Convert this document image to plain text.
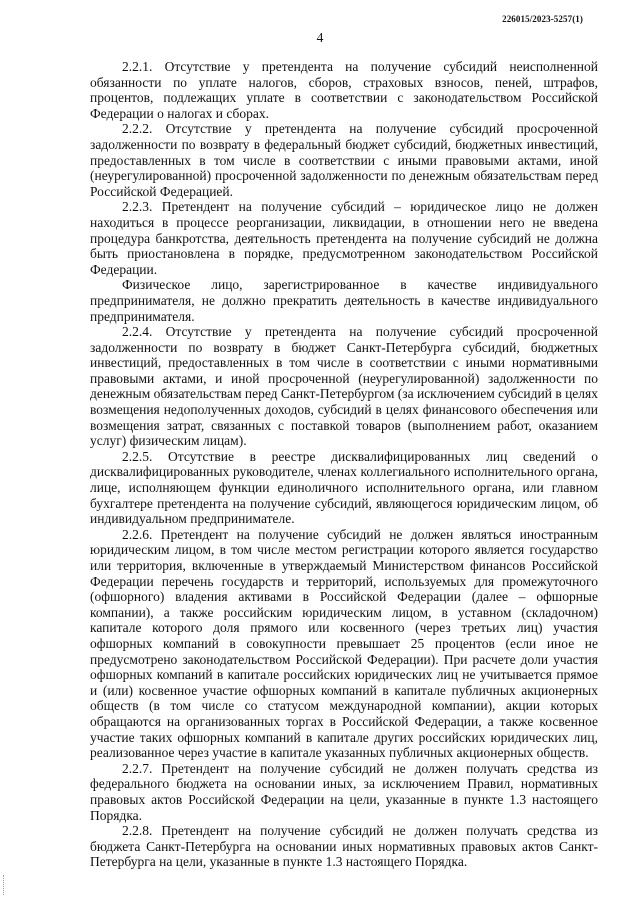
226015/2023-5257(1)
4

2.2.1. Отсутствие у претендента на получение субсидий неисполненной обязанности по уплате налогов, сборов, страховых взносов, пеней, штрафов, процентов, подлежащих уплате в соответствии с законодательством Российской Федерации о налогах и сборах.

2.2.2. Отсутствие у претендента на получение субсидий просроченной задолженности по возврату в федеральный бюджет субсидий, бюджетных инвестиций, предоставленных в том числе в соответствии с иными правовыми актами, иной (неурегулированной) просроченной задолженности по денежным обязательствам перед Российской Федерацией.

2.2.3. Претендент на получение субсидий – юридическое лицо не должен находиться в процессе реорганизации, ликвидации, в отношении него не введена процедура банкротства, деятельность претендента на получение субсидий не должна быть приостановлена в порядке, предусмотренном законодательством Российской Федерации.

Физическое лицо, зарегистрированное в качестве индивидуального предпринимателя, не должно прекратить деятельность в качестве индивидуального предпринимателя.

2.2.4. Отсутствие у претендента на получение субсидий просроченной задолженности по возврату в бюджет Санкт-Петербурга субсидий, бюджетных инвестиций, предоставленных в том числе в соответствии с иными нормативными правовыми актами, и иной просроченной (неурегулированной) задолженности по денежным обязательствам перед Санкт-Петербургом (за исключением субсидий в целях возмещения недополученных доходов, субсидий в целях финансового обеспечения или возмещения затрат, связанных с поставкой товаров (выполнением работ, оказанием услуг) физическим лицам).

2.2.5. Отсутствие в реестре дисквалифицированных лиц сведений о дисквалифицированных руководителе, членах коллегиального исполнительного органа, лице, исполняющем функции единоличного исполнительного органа, или главном бухгалтере претендента на получение субсидий, являющегося юридическим лицом, об индивидуальном предпринимателе.

2.2.6. Претендент на получение субсидий не должен являться иностранным юридическим лицом, в том числе местом регистрации которого является государство или территория, включенные в утверждаемый Министерством финансов Российской Федерации перечень государств и территорий, используемых для промежуточного (офшорного) владения активами в Российской Федерации (далее – офшорные компании), а также российским юридическим лицом, в уставном (складочном) капитале которого доля прямого или косвенного (через третьих лиц) участия офшорных компаний в совокупности превышает 25 процентов (если иное не предусмотрено законодательством Российской Федерации). При расчете доли участия офшорных компаний в капитале российских юридических лиц не учитывается прямое и (или) косвенное участие офшорных компаний в капитале публичных акционерных обществ (в том числе со статусом международной компании), акции которых обращаются на организованных торгах в Российской Федерации, а также косвенное участие таких офшорных компаний в капитале других российских юридических лиц, реализованное через участие в капитале указанных публичных акционерных обществ.

2.2.7. Претендент на получение субсидий не должен получать средства из федерального бюджета на основании иных, за исключением Правил, нормативных правовых актов Российской Федерации на цели, указанные в пункте 1.3 настоящего Порядка.

2.2.8. Претендент на получение субсидий не должен получать средства из бюджета Санкт-Петербурга на основании иных нормативных правовых актов Санкт-Петербурга на цели, указанные в пункте 1.3 настоящего Порядка.
